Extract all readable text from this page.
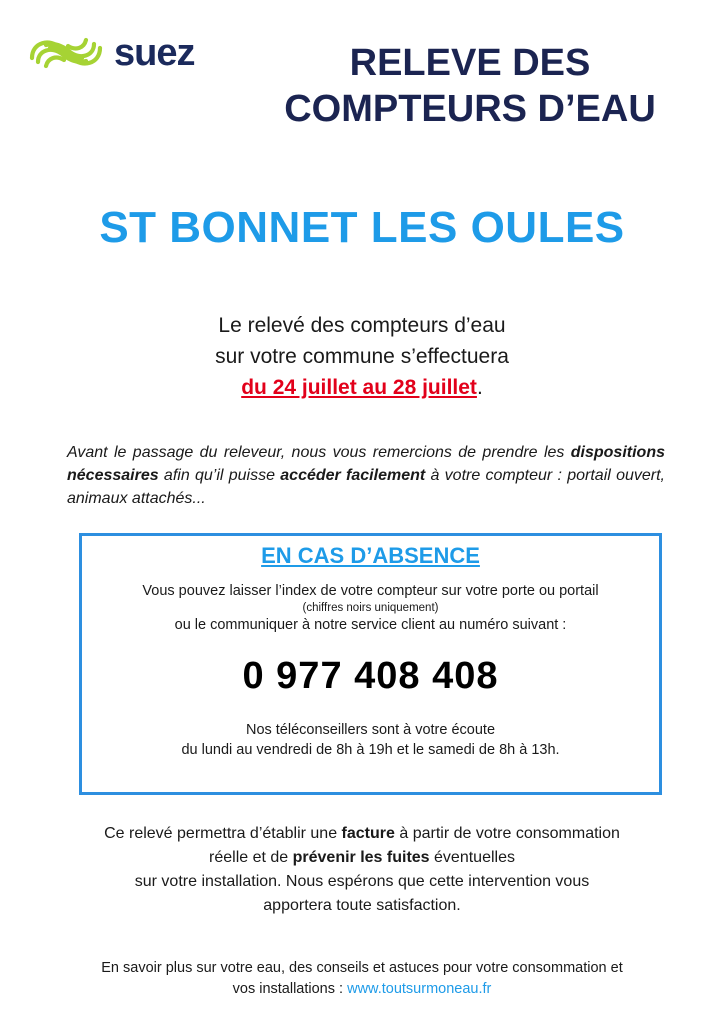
suez	RELEVE DES
COMPTEURS D’EAU
ST BONNET LES OULES
Le relevé des compteurs d’eau
sur votre commune s’effectuera
du 24 juillet au 28 juillet.
Avant le passage du releveur, nous vous remercions de prendre les dispositions nécessaires afin qu’il puisse accéder facilement à votre compteur : portail ouvert, animaux attachés...
EN CAS D’ABSENCE
Vous pouvez laisser l’index de votre compteur sur votre porte ou portail
(chiffres noirs uniquement)
ou le communiquer à notre service client au numéro suivant :
0 977 408 408
Nos téléconseillers sont à votre écoute
du lundi au vendredi de 8h à 19h et le samedi de 8h à 13h.
Ce relevé permettra d’établir une facture à partir de votre consommation
réelle et de prévenir les fuites éventuelles
sur votre installation. Nous espérons que cette intervention vous
apportera toute satisfaction.
En savoir plus sur votre eau, des conseils et astuces pour votre consommation et
vos installations : www.toutsurmoneau.fr
